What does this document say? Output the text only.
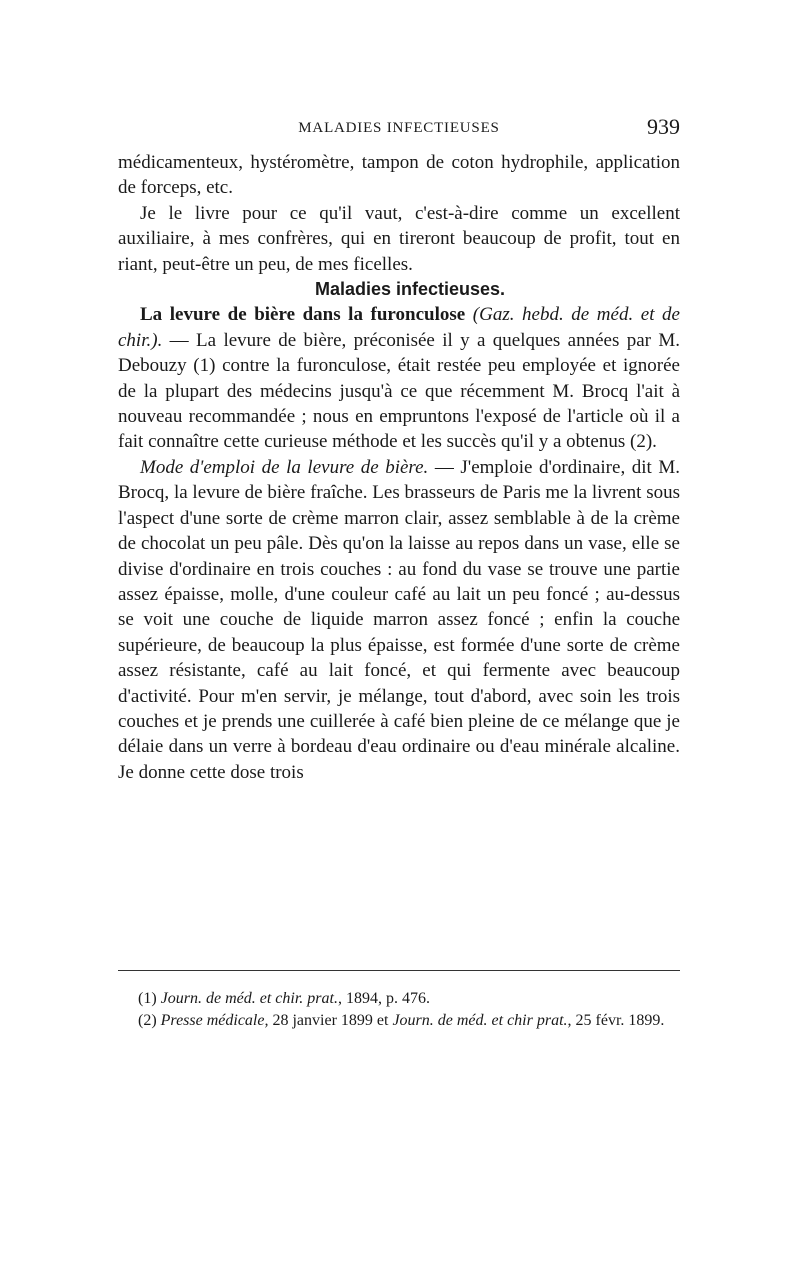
MALADIES INFECTIEUSES	939

médicamenteux, hystéromètre, tampon de coton hydrophile, application de forceps, etc.

Je le livre pour ce qu'il vaut, c'est-à-dire comme un excellent auxiliaire, à mes confrères, qui en tireront beaucoup de profit, tout en riant, peut-être un peu, de mes ficelles.

Maladies infectieuses.

La levure de bière dans la furonculose (Gaz. hebd. de méd. et de chir.). — La levure de bière, préconisée il y a quelques années par M. Debouzy (1) contre la furonculose, était restée peu employée et ignorée de la plupart des médecins jusqu'à ce que récemment M. Brocq l'ait à nouveau recommandée ; nous en empruntons l'exposé de l'article où il a fait connaître cette curieuse méthode et les succès qu'il y a obtenus (2).

Mode d'emploi de la levure de bière. — J'emploie d'ordinaire, dit M. Brocq, la levure de bière fraîche. Les brasseurs de Paris me la livrent sous l'aspect d'une sorte de crème marron clair, assez semblable à de la crème de chocolat un peu pâle. Dès qu'on la laisse au repos dans un vase, elle se divise d'ordinaire en trois couches : au fond du vase se trouve une partie assez épaisse, molle, d'une couleur café au lait un peu foncé ; au-dessus se voit une couche de liquide marron assez foncé ; enfin la couche supérieure, de beaucoup la plus épaisse, est formée d'une sorte de crème assez résistante, café au lait foncé, et qui fermente avec beaucoup d'activité. Pour m'en servir, je mélange, tout d'abord, avec soin les trois couches et je prends une cuillerée à café bien pleine de ce mélange que je délaie dans un verre à bordeau d'eau ordinaire ou d'eau minérale alcaline. Je donne cette dose trois

(1) Journ. de méd. et chir. prat., 1894, p. 476.

(2) Presse médicale, 28 janvier 1899 et Journ. de méd. et chir prat., 25 févr. 1899.
